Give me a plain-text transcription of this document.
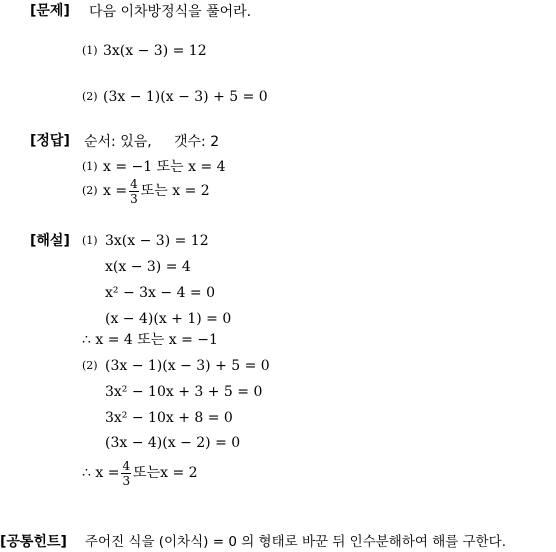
[문제] 다음 이차방정식을 풀어라.
(1) 3x(x − 3) = 12
(2) (3x − 1)(x − 3) + 5 = 0
[정답] 순서: 있음, 갯수: 2
(1) x = −1 또는 x = 4
(2) $x = \frac{4}{3}$ 또는 x = 2
[해설] (1) 3x(x − 3) = 12
x(x − 3) = 4
x² − 3x − 4 = 0
(x − 4)(x + 1) = 0
∴ x = 4 또는 x = −1
(2) (3x − 1)(x − 3) + 5 = 0
3x² − 10x + 3 + 5 = 0
3x² − 10x + 8 = 0
(3x − 4)(x − 2) = 0
∴ $x = \frac{4}{3}$ 또는x = 2
[공통힌트] 주어진 식을 (이차식) = 0 의 형태로 바꾼 뒤 인수분해하여 해를 구한다.
